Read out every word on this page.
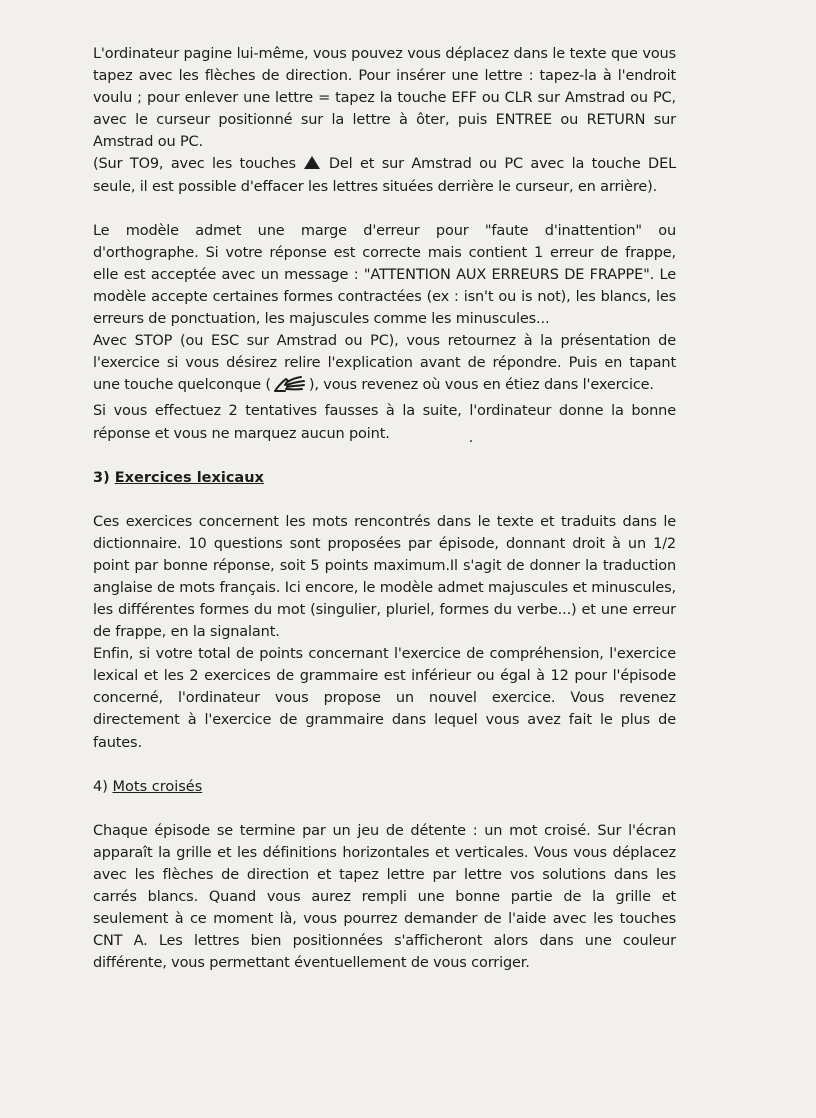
L'ordinateur pagine lui-même, vous pouvez vous déplacez dans le texte que vous tapez avec les flèches de direction. Pour insérer une lettre : tapez-la à l'endroit voulu ; pour enlever une lettre = tapez la touche EFF ou CLR sur Amstrad ou PC, avec le curseur positionné sur la lettre à ôter, puis ENTREE ou RETURN sur Amstrad ou PC.

(Sur TO9, avec les touches Del et sur Amstrad ou PC avec la touche DEL seule, il est possible d'effacer les lettres situées derrière le curseur, en arrière).

Le modèle admet une marge d'erreur pour "faute d'inattention" ou d'orthographe. Si votre réponse est correcte mais contient 1 erreur de frappe, elle est acceptée avec un message : "ATTENTION AUX ERREURS DE FRAPPE". Le modèle accepte certaines formes contractées (ex : isn't ou is not), les blancs, les erreurs de ponctuation, les majuscules comme les minuscules...

Avec STOP (ou ESC sur Amstrad ou PC), vous retournez à la présentation de l'exercice si vous désirez relire l'explication avant de répondre. Puis en tapant une touche quelconque (	), vous revenez où vous en étiez dans l'exercice.

Si vous effectuez 2 tentatives fausses à la suite, l'ordinateur donne la bonne réponse et vous ne marquez aucun point.

3) Exercices lexicaux

Ces exercices concernent les mots rencontrés dans le texte et traduits dans le dictionnaire. 10 questions sont proposées par épisode, donnant droit à un 1/2 point par bonne réponse, soit 5 points maximum.Il s'agit de donner la traduction anglaise de mots français. Ici encore, le modèle admet majuscules et minuscules, les différentes formes du mot (singulier, pluriel, formes du verbe...) et une erreur de frappe, en la signalant.

Enfin, si votre total de points concernant l'exercice de compréhension, l'exercice lexical et les 2 exercices de grammaire est inférieur ou égal à 12 pour l'épisode concerné, l'ordinateur vous propose un nouvel exercice. Vous revenez directement à l'exercice de grammaire dans lequel vous avez fait le plus de fautes.

4) Mots croisés

Chaque épisode se termine par un jeu de détente : un mot croisé. Sur l'écran apparaît la grille et les définitions horizontales et verticales. Vous vous déplacez avec les flèches de direction et tapez lettre par lettre vos solutions dans les carrés blancs. Quand vous aurez rempli une bonne partie de la grille et seulement à ce moment là, vous pourrez demander de l'aide avec les touches CNT A. Les lettres bien positionnées s'afficheront alors dans une couleur différente, vous permettant éventuellement de vous corriger.
